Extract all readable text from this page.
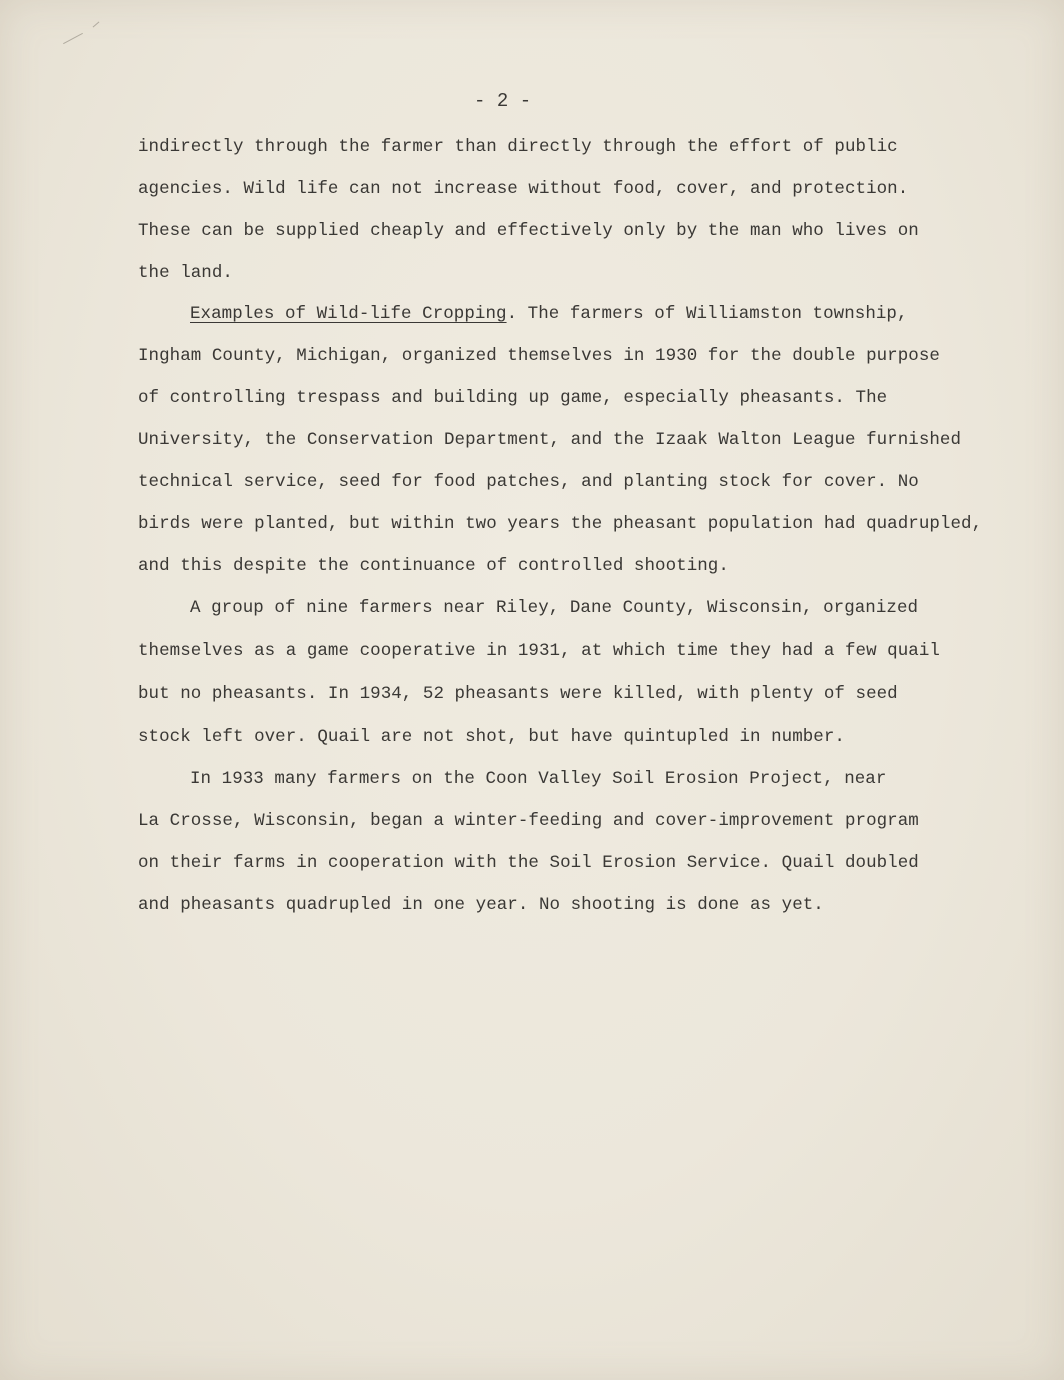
- 2 -
indirectly through the farmer than directly through the effort of public
agencies. Wild life can not increase without food, cover, and protection.
These can be supplied cheaply and effectively only by the man who lives on
the land.
Examples of Wild-life Cropping. The farmers of Williamston township,
Ingham County, Michigan, organized themselves in 1930 for the double purpose
of controlling trespass and building up game, especially pheasants. The
University, the Conservation Department, and the Izaak Walton League furnished
technical service, seed for food patches, and planting stock for cover. No
birds were planted, but within two years the pheasant population had quadrupled,
and this despite the continuance of controlled shooting.
A group of nine farmers near Riley, Dane County, Wisconsin, organized
themselves as a game cooperative in 1931, at which time they had a few quail
but no pheasants. In 1934, 52 pheasants were killed, with plenty of seed
stock left over. Quail are not shot, but have quintupled in number.
In 1933 many farmers on the Coon Valley Soil Erosion Project, near
La Crosse, Wisconsin, began a winter-feeding and cover-improvement program
on their farms in cooperation with the Soil Erosion Service. Quail doubled
and pheasants quadrupled in one year. No shooting is done as yet.
